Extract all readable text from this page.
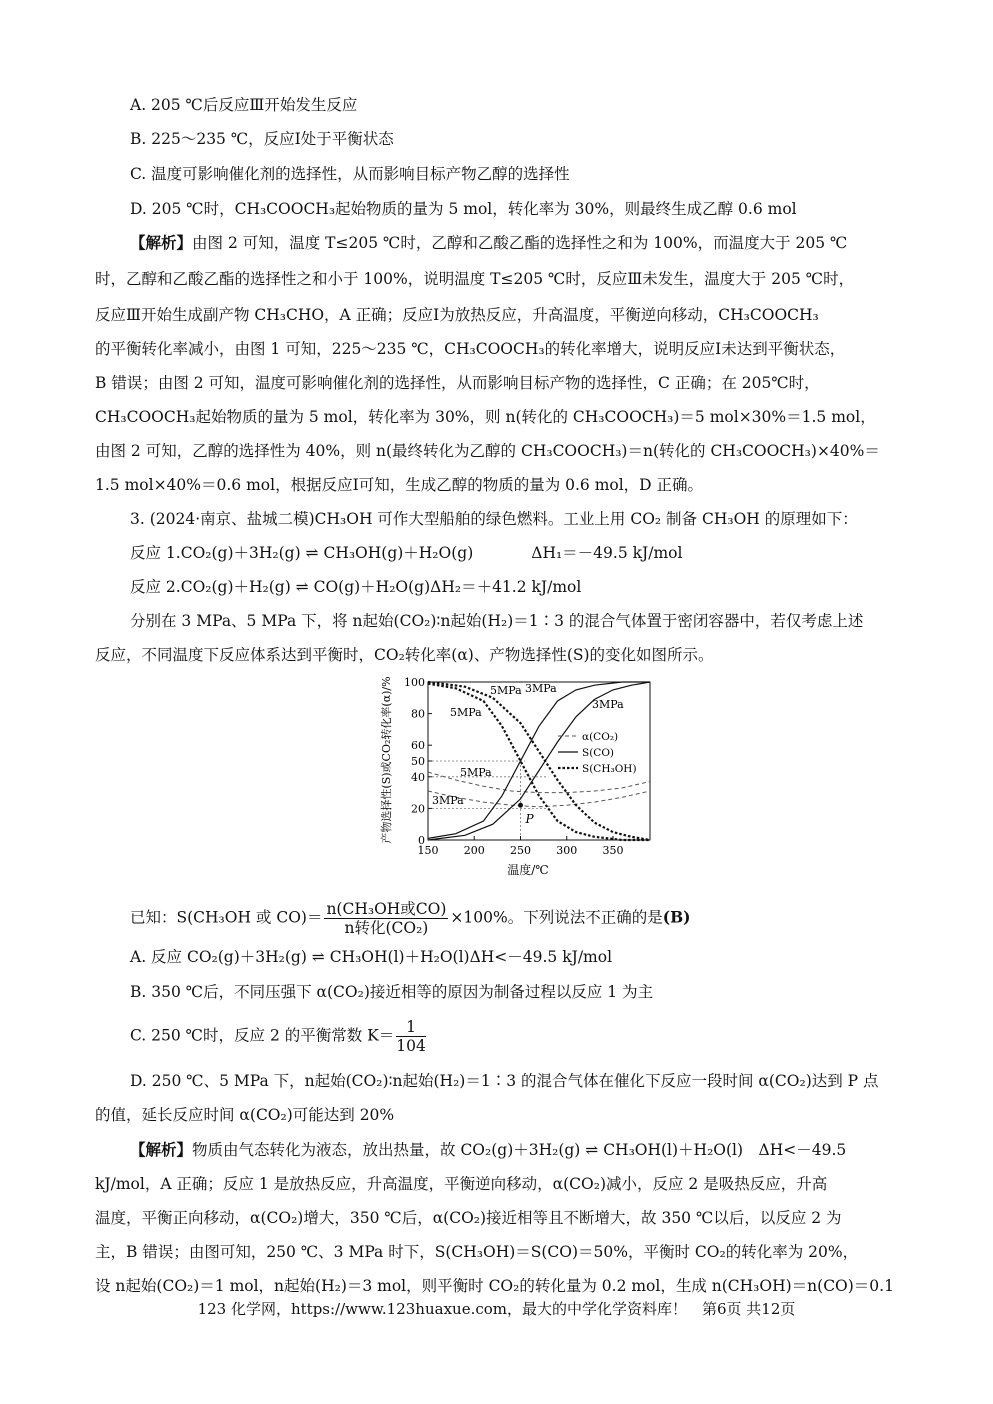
A. 205 ℃后反应Ⅲ开始发生反应
B. 225～235 ℃，反应Ⅰ处于平衡状态
C. 温度可影响催化剂的选择性，从而影响目标产物乙醇的选择性
D. 205 ℃时，CH₃COOCH₃起始物质的量为 5 mol，转化率为 30%，则最终生成乙醇 0.6 mol
【解析】由图 2 可知，温度 T≤205 ℃时，乙醇和乙酸乙酯的选择性之和为 100%，而温度大于 205 ℃
时，乙醇和乙酸乙酯的选择性之和小于 100%，说明温度 T≤205 ℃时，反应Ⅲ未发生，温度大于 205 ℃时，
反应Ⅲ开始生成副产物 CH₃CHO，A 正确；反应Ⅰ为放热反应，升高温度，平衡逆向移动，CH₃COOCH₃
的平衡转化率减小，由图 1 可知，225～235 ℃，CH₃COOCH₃的转化率增大，说明反应Ⅰ未达到平衡状态，
B 错误；由图 2 可知，温度可影响催化剂的选择性，从而影响目标产物的选择性，C 正确；在 205℃时，
CH₃COOCH₃起始物质的量为 5 mol，转化率为 30%，则 n(转化的 CH₃COOCH₃)＝5 mol×30%＝1.5 mol，
由图 2 可知，乙醇的选择性为 40%，则 n(最终转化为乙醇的 CH₃COOCH₃)＝n(转化的 CH₃COOCH₃)×40%＝
1.5 mol×40%＝0.6 mol，根据反应Ⅰ可知，生成乙醇的物质的量为 0.6 mol，D 正确。
3. (2024·南京、盐城二模)CH₃OH 可作大型船舶的绿色燃料。工业上用 CO₂ 制备 CH₃OH 的原理如下：
反应 1.CO₂(g)＋3H₂(g) ⇌ CH₃OH(g)＋H₂O(g)	ΔH₁＝－49.5 kJ/mol
反应 2.CO₂(g)＋H₂(g) ⇌ CO(g)＋H₂O(g)ΔH₂＝＋41.2 kJ/mol
分别在 3 MPa、5 MPa 下，将 n起始(CO₂)∶n起始(H₂)＝1∶3 的混合气体置于密闭容器中，若仅考虑上述
反应，不同温度下反应体系达到平衡时，CO₂转化率(α)、产物选择性(S)的变化如图所示。
P
150 200 250 300 350
0
20
40
50
60
80
100
5MPa 3MPa
5MPa
3MPa
5MPa
3MPa
α(CO₂)
S(CO)
S(CH₃OH)
温度/℃
产物选择性(S)或CO₂转化率(α)/%
已知：S(CH₃OH 或 $CO)= \frac{\text{n(CH₃OH或CO)}}{\text{n转化(CO₂)}} \times 100\%$。下列说法不正确的是(B)
A. 反应 CO₂(g)＋3H₂(g) ⇌ CH₃OH(l)＋H₂O(l)ΔH<－49.5 kJ/mol
B. 350 ℃后，不同压强下 α(CO₂)接近相等的原因为制备过程以反应 1 为主
C. 250 ℃时，反应 2 的平衡常数 $K= \frac{1}{104}$
D. 250 ℃、5 MPa 下，n起始(CO₂)∶n起始(H₂)＝1∶3 的混合气体在催化下反应一段时间 α(CO₂)达到 P 点
的值，延长反应时间 α(CO₂)可能达到 20%
【解析】物质由气态转化为液态，放出热量，故 CO₂(g)＋3H₂(g) ⇌ CH₃OH(l)＋H₂O(l)　ΔH<－49.5
kJ/mol，A 正确；反应 1 是放热反应，升高温度，平衡逆向移动，α(CO₂)减小，反应 2 是吸热反应，升高
温度，平衡正向移动，α(CO₂)增大，350 ℃后，α(CO₂)接近相等且不断增大，故 350 ℃以后，以反应 2 为
主，B 错误；由图可知，250 ℃、3 MPa 时下，S(CH₃OH)＝S(CO)＝50%，平衡时 CO₂的转化率为 20%，
设 n起始(CO₂)＝1 mol，n起始(H₂)＝3 mol，则平衡时 CO₂的转化量为 0.2 mol，生成 n(CH₃OH)＝n(CO)＝0.1
123 化学网，https://www.123huaxue.com，最大的中学化学资料库！　第6页 共12页
